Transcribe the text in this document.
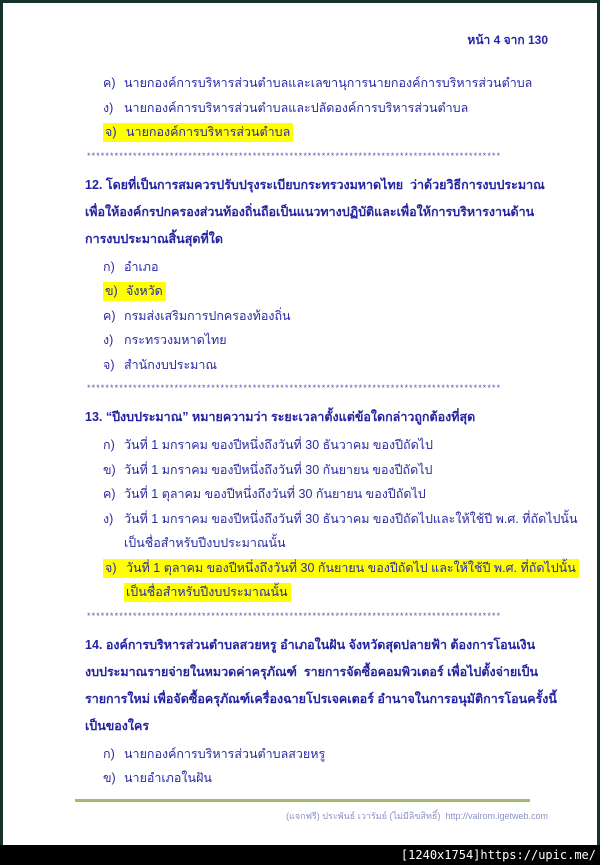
หน้า 4 จาก 130
ค) นายกองค์การบริหารส่วนตำบลและเลขานุการนายกองค์การบริหารส่วนตำบล
ง) นายกองค์การบริหารส่วนตำบลและปลัดองค์การบริหารส่วนตำบล
จ) นายกองค์การบริหารส่วนตำบล
******************************************************************************************
12. โดยที่เป็นการสมควรปรับปรุงระเบียบกระทรวงมหาดไทย  ว่าด้วยวิธีการงบประมาณ
เพื่อให้องค์กรปกครองส่วนท้องถิ่นถือเป็นแนวทางปฏิบัติและเพื่อให้การบริหารงานด้าน
การงบประมาณสิ้นสุดที่ใด
ก) อำเภอ
ข) จังหวัด
ค) กรมส่งเสริมการปกครองท้องถิ่น
ง) กระทรวงมหาดไทย
จ) สำนักงบประมาณ
******************************************************************************************
13. “ปีงบประมาณ” หมายความว่า ระยะเวลาตั้งแต่ข้อใดกล่าวถูกต้องที่สุด
ก) วันที่ 1 มกราคม ของปีหนึ่งถึงวันที่ 30 ธันวาคม ของปีถัดไป
ข) วันที่ 1 มกราคม ของปีหนึ่งถึงวันที่ 30 กันยายน ของปีถัดไป
ค) วันที่ 1 ตุลาคม ของปีหนึ่งถึงวันที่ 30 กันยายน ของปีถัดไป
ง) วันที่ 1 มกราคม ของปีหนึ่งถึงวันที่ 30 ธันวาคม ของปีถัดไปและให้ใช้ปี พ.ศ. ที่ถัดไปนั้น
เป็นชื่อสำหรับปีงบประมาณนั้น
จ) วันที่ 1 ตุลาคม ของปีหนึ่งถึงวันที่ 30 กันยายน ของปีถัดไป และให้ใช้ปี พ.ศ. ที่ถัดไปนั้น
เป็นชื่อสำหรับปีงบประมาณนั้น
******************************************************************************************
14. องค์การบริหารส่วนตำบลสวยหรู อำเภอในฝัน จังหวัดสุดปลายฟ้า ต้องการโอนเงิน
งบประมาณรายจ่ายในหมวดค่าครุภัณฑ์  รายการจัดซื้อคอมพิวเตอร์ เพื่อไปตั้งจ่ายเป็น
รายการใหม่ เพื่อจัดซื้อครุภัณฑ์เครื่องฉายโปรเจคเตอร์ อำนาจในการอนุมัติการโอนครั้งนี้
เป็นของใคร
ก) นายกองค์การบริหารส่วนตำบลสวยหรู
ข) นายอำเภอในฝัน
(แจกฟรี) ประพันธ์ เวารัมย์ (ไม่มีลิขสิทธิ์) http://valrom.igetweb.com
[1240x1754]https://upic.me/
